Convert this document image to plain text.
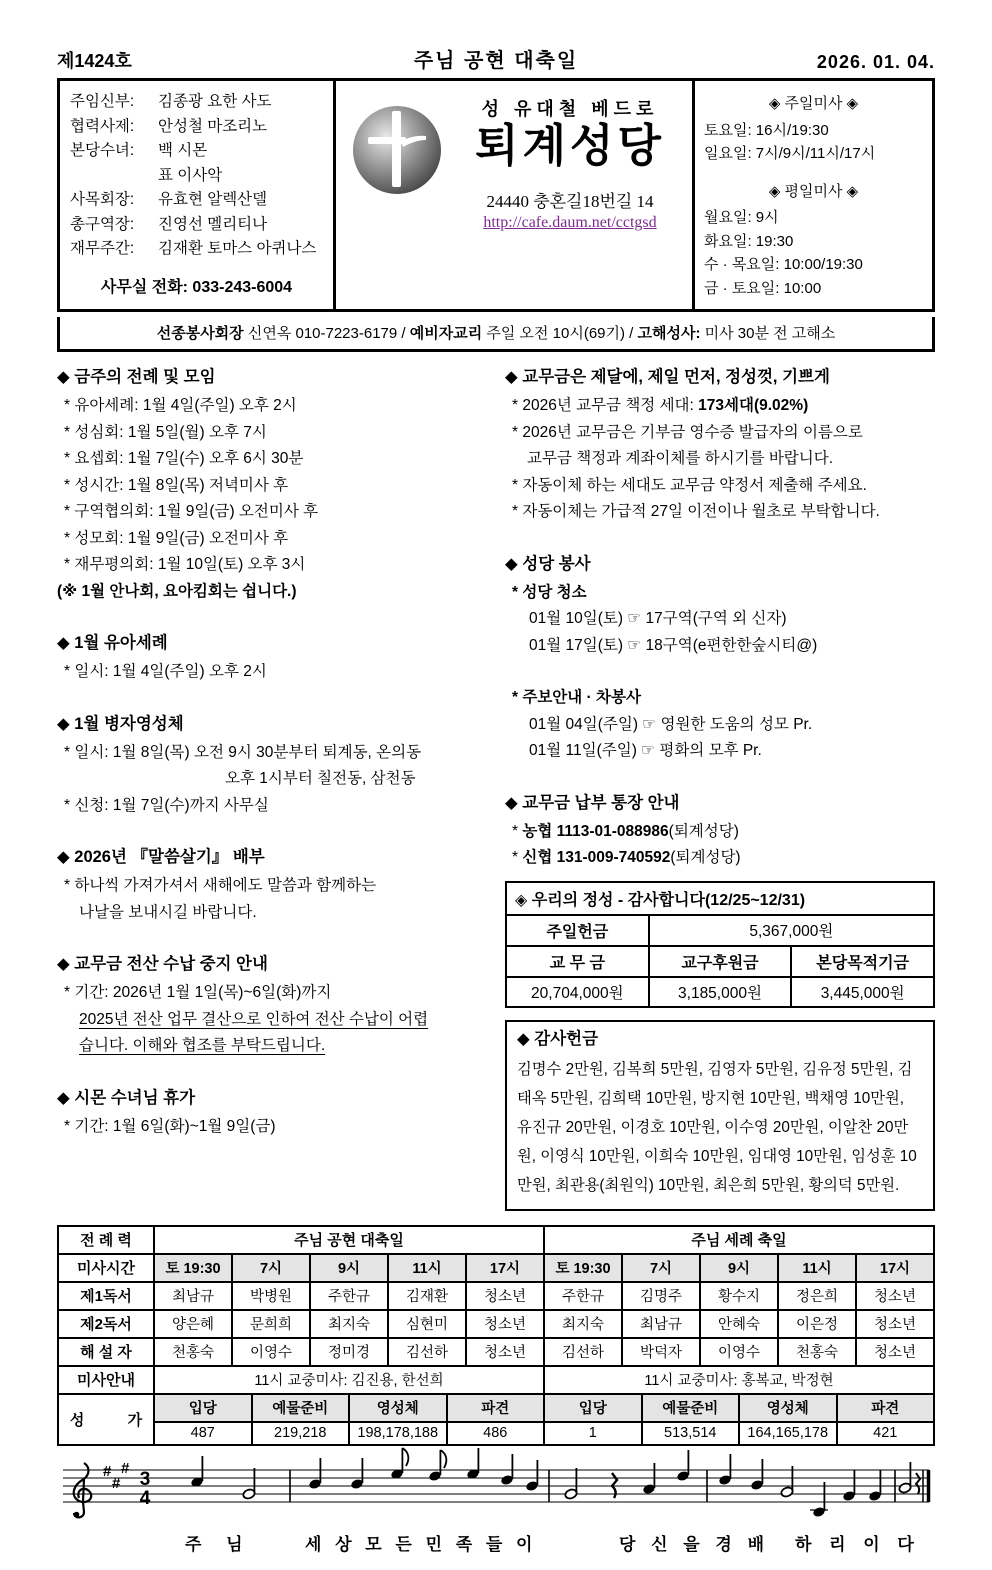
제1424호	주님 공현 대축일	2026. 01. 04.
주임신부:	김종광 요한 사도
협력사제:	안성철 마조리노
본당수녀:	백 시몬
표 이사악
사목회장:	유효현 알렉산델
총구역장:	진영선 멜리티나
재무주간:	김재환 토마스 아퀴나스
사무실 전화: 033-243-6004
성 유대철 베드로
퇴계성당
24440 충혼길18번길 14
http://cafe.daum.net/cctgsd
◈ 주일미사 ◈
토요일: 16시/19:30
일요일: 7시/9시/11시/17시
◈ 평일미사 ◈
월요일: 9시
화요일: 19:30
수 · 목요일: 10:00/19:30
금 · 토요일: 10:00
선종봉사회장 신연옥 010-7223-6179 / 예비자교리 주일 오전 10시(69기) / 고해성사: 미사 30분 전 고해소
◆ 금주의 전례 및 모임
* 유아세례: 1월 4일(주일) 오후 2시
* 성심회: 1월 5일(월) 오후 7시
* 요셉회: 1월 7일(수) 오후 6시 30분
* 성시간: 1월 8일(목) 저녁미사 후
* 구역협의회: 1월 9일(금) 오전미사 후
* 성모회: 1월 9일(금) 오전미사 후
* 재무평의회: 1월 10일(토) 오후 3시
(※ 1월 안나회, 요아킴회는 쉽니다.)
◆ 1월 유아세례
* 일시: 1월 4일(주일) 오후 2시
◆ 1월 병자영성체
* 일시: 1월 8일(목) 오전 9시 30분부터 퇴계동, 온의동
오후 1시부터 칠전동, 삼천동
* 신청: 1월 7일(수)까지 사무실
◆ 2026년 『말씀살기』 배부
* 하나씩 가져가셔서 새해에도 말씀과 함께하는
나날을 보내시길 바랍니다.
◆ 교무금 전산 수납 중지 안내
* 기간: 2026년 1월 1일(목)~6일(화)까지
2025년 전산 업무 결산으로 인하여 전산 수납이 어렵
습니다. 이해와 협조를 부탁드립니다.
◆ 시몬 수녀님 휴가
* 기간: 1월 6일(화)~1월 9일(금)
◆ 교무금은 제달에, 제일 먼저, 정성껏, 기쁘게
* 2026년 교무금 책정 세대: 173세대(9.02%)
* 2026년 교무금은 기부금 영수증 발급자의 이름으로
교무금 책정과 계좌이체를 하시기를 바랍니다.
* 자동이체 하는 세대도 교무금 약정서 제출해 주세요.
* 자동이체는 가급적 27일 이전이나 월초로 부탁합니다.
◆ 성당 봉사
* 성당 청소
01월 10일(토) ☞ 17구역(구역 외 신자)
01월 17일(토) ☞ 18구역(e편한한숲시티@)
* 주보안내 · 차봉사
01월 04일(주일) ☞ 영원한 도움의 성모 Pr.
01월 11일(주일) ☞ 평화의 모후 Pr.
◆ 교무금 납부 통장 안내
* 농협 1113-01-088986(퇴계성당)
* 신협 131-009-740592(퇴계성당)
◈ 우리의 정성 - 감사합니다(12/25~12/31)		
주일헌금	5,367,000원	
교 무 금	교구후원금	본당목적기금
20,704,000원	3,185,000원	3,445,000원
◆ 감사헌금
김명수 2만원, 김복희 5만원, 김영자 5만원, 김유정 5만원, 김태옥 5만원, 김희택 10만원, 방지현 10만원, 백채영 10만원, 유진규 20만원, 이경호 10만원, 이수영 20만원, 이알찬 20만원, 이영식 10만원, 이희숙 10만원, 임대영 10만원, 임성훈 10만원, 최관용(최원익) 10만원, 최은희 5만원, 황의덕 5만원.
전 례 력	주님 공현 대축일					주님 세례 축일				
미사시간	토 19:30	7시	9시	11시	17시	토 19:30	7시	9시	11시	17시
제1독서	최남규	박병원	주한규	김재환	청소년	주한규	김명주	황수지	정은희	청소년
제2독서	양은혜	문희희	최지숙	심현미	청소년	최지숙	최남규	안혜숙	이은정	청소년
해 설 자	천홍숙	이영수	정미경	김선하	청소년	김선하	박덕자	이영수	천홍숙	청소년
미사안내	11시 교중미사: 김진용, 한선희					11시 교중미사: 홍복교, 박정현				
성 가	입당	예물준비	영성체	파견	입당	예물준비	영성체	파견
	487	219,218	198,178,188	486	1	513,514	164,165,178	421
#
#
#
3
4
주 님	세 상 모 든 민 족 들 이	당 신 을 경 배 하 리 이 다
